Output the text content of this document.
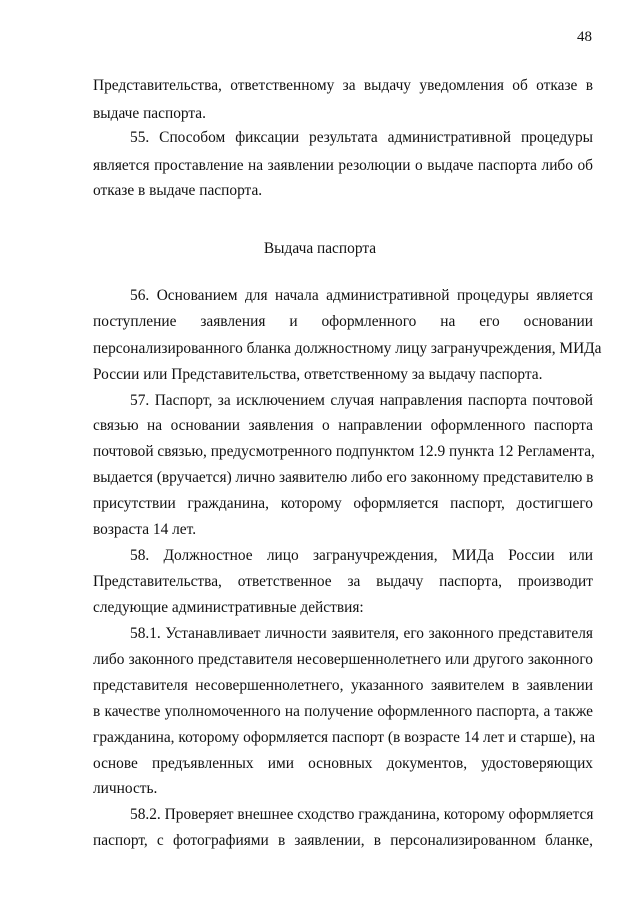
48
Представительства, ответственному за выдачу уведомления об отказе в
выдаче паспорта.
55. Способом фиксации результата административной процедуры
является проставление на заявлении резолюции о выдаче паспорта либо об
отказе в выдаче паспорта.
Выдача паспорта
56. Основанием для начала административной процедуры является
поступление заявления и оформленного на его основании
персонализированного бланка должностному лицу загранучреждения, МИДа
России или Представительства, ответственному за выдачу паспорта.
57. Паспорт, за исключением случая направления паспорта почтовой
связью на основании заявления о направлении оформленного паспорта
почтовой связью, предусмотренного подпунктом 12.9 пункта 12 Регламента,
выдается (вручается) лично заявителю либо его законному представителю в
присутствии гражданина, которому оформляется паспорт, достигшего
возраста 14 лет.
58. Должностное лицо загранучреждения, МИДа России или
Представительства, ответственное за выдачу паспорта, производит
следующие административные действия:
58.1. Устанавливает личности заявителя, его законного представителя
либо законного представителя несовершеннолетнего или другого законного
представителя несовершеннолетнего, указанного заявителем в заявлении
в качестве уполномоченного на получение оформленного паспорта, а также
гражданина, которому оформляется паспорт (в возрасте 14 лет и старше), на
основе предъявленных ими основных документов, удостоверяющих
личность.
58.2. Проверяет внешнее сходство гражданина, которому оформляется
паспорт, с фотографиями в заявлении, в персонализированном бланке,
